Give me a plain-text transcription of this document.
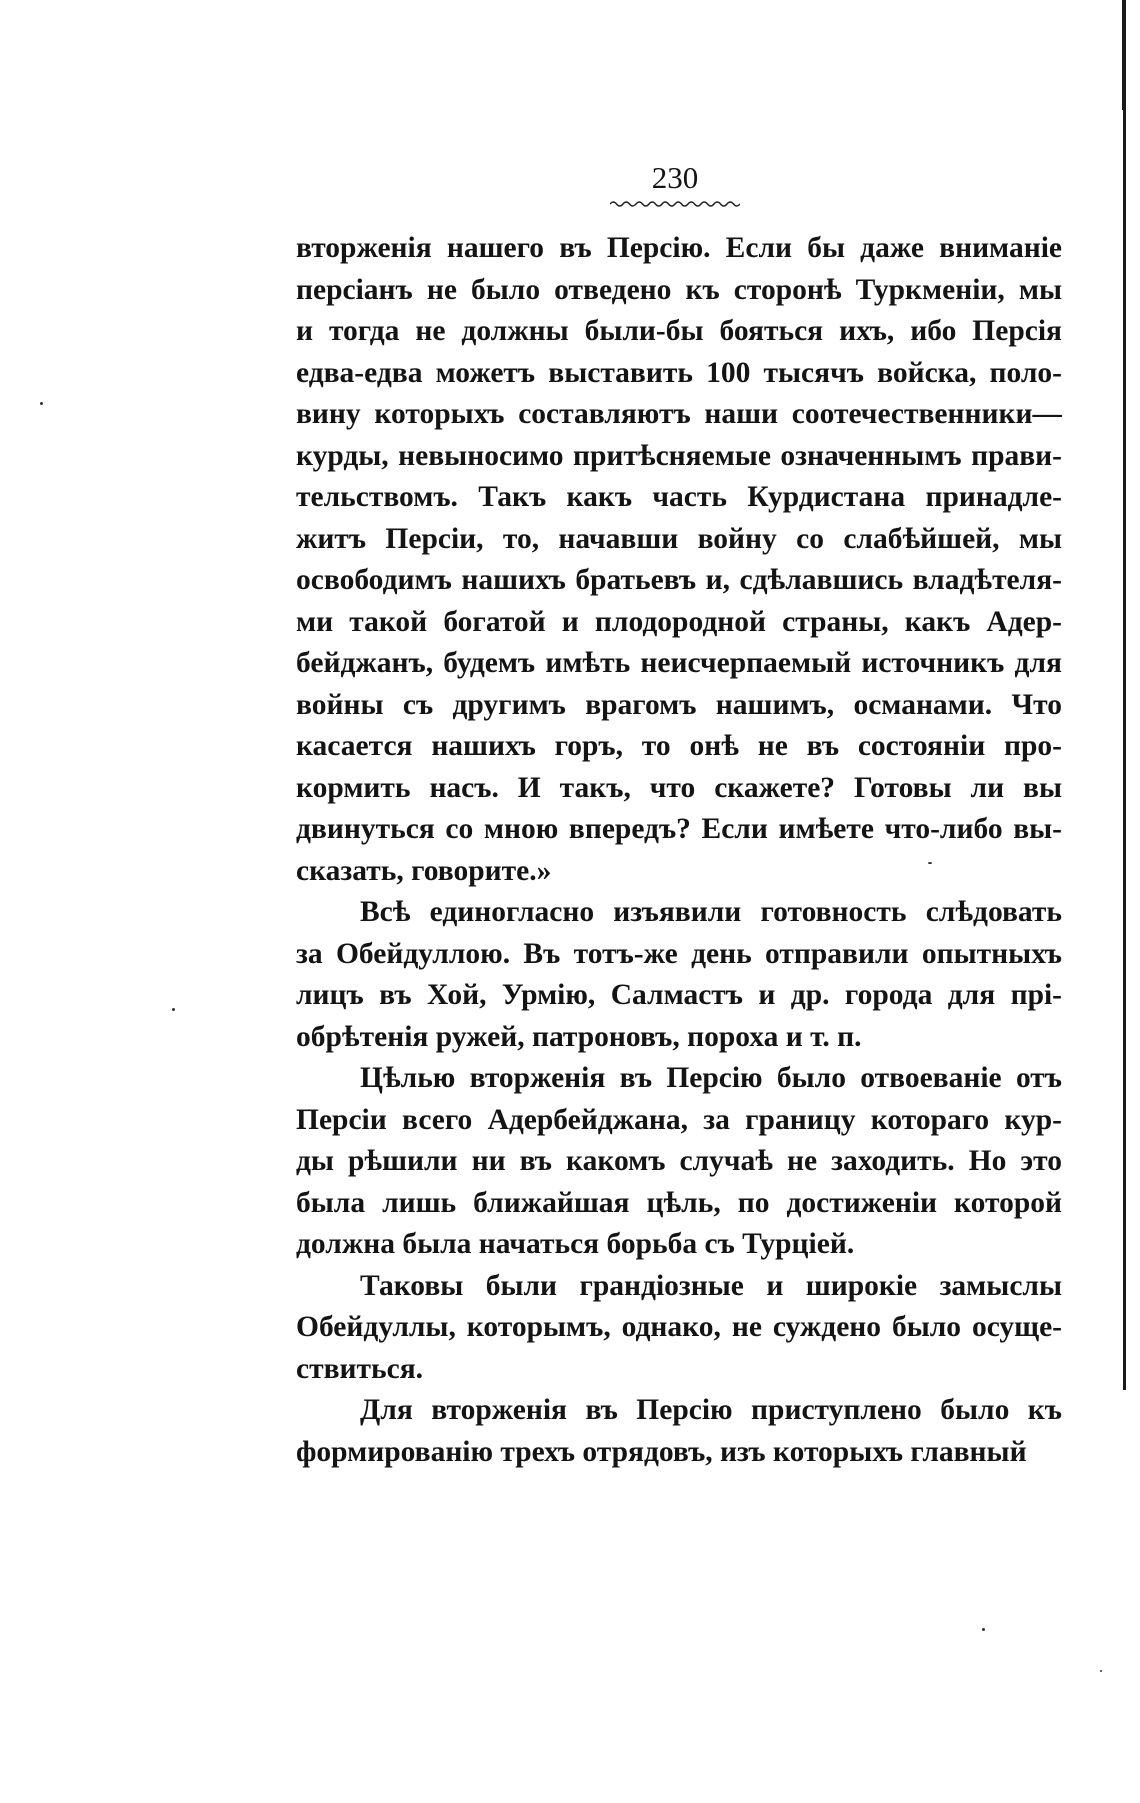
230
вторженія нашего въ Персію. Если бы даже вниманіе
персіанъ не было отведено къ сторонѣ Туркменіи, мы
и тогда не должны были-бы бояться ихъ, ибо Персія
едва-едва можетъ выставить 100 тысячъ войска, поло-
вину которыхъ составляютъ наши соотечественники—
курды, невыносимо притѣсняемые означеннымъ прави-
тельствомъ. Такъ какъ часть Курдистана принадле-
житъ Персіи, то, начавши войну со слабѣйшей, мы
освободимъ нашихъ братьевъ и, сдѣлавшись владѣтеля-
ми такой богатой и плодородной страны, какъ Адер-
бейджанъ, будемъ имѣть неисчерпаемый источникъ для
войны съ другимъ врагомъ нашимъ, османами. Что
касается нашихъ горъ, то онѣ не въ состояніи про-
кормить насъ. И такъ, что скажете? Готовы ли вы
двинуться со мною впередъ? Если имѣете что-либо вы-
сказать, говорите.»
Всѣ единогласно изъявили готовность слѣдовать
за Обейдуллою. Въ тотъ-же день отправили опытныхъ
лицъ въ Хой, Урмію, Салмастъ и др. города для прі-
обрѣтенія ружей, патроновъ, пороха и т. п.
Цѣлью вторженія въ Персію было отвоеваніе отъ
Персіи всего Адербейджана, за границу котораго кур-
ды рѣшили ни въ какомъ случаѣ не заходить. Но это
была лишь ближайшая цѣль, по достиженіи которой
должна была начаться борьба съ Турціей.
Таковы были грандіозные и широкіе замыслы
Обейдуллы, которымъ, однако, не суждено было осуще-
ствиться.
Для вторженія въ Персію приступлено было къ
формированію трехъ отрядовъ, изъ которыхъ главный
